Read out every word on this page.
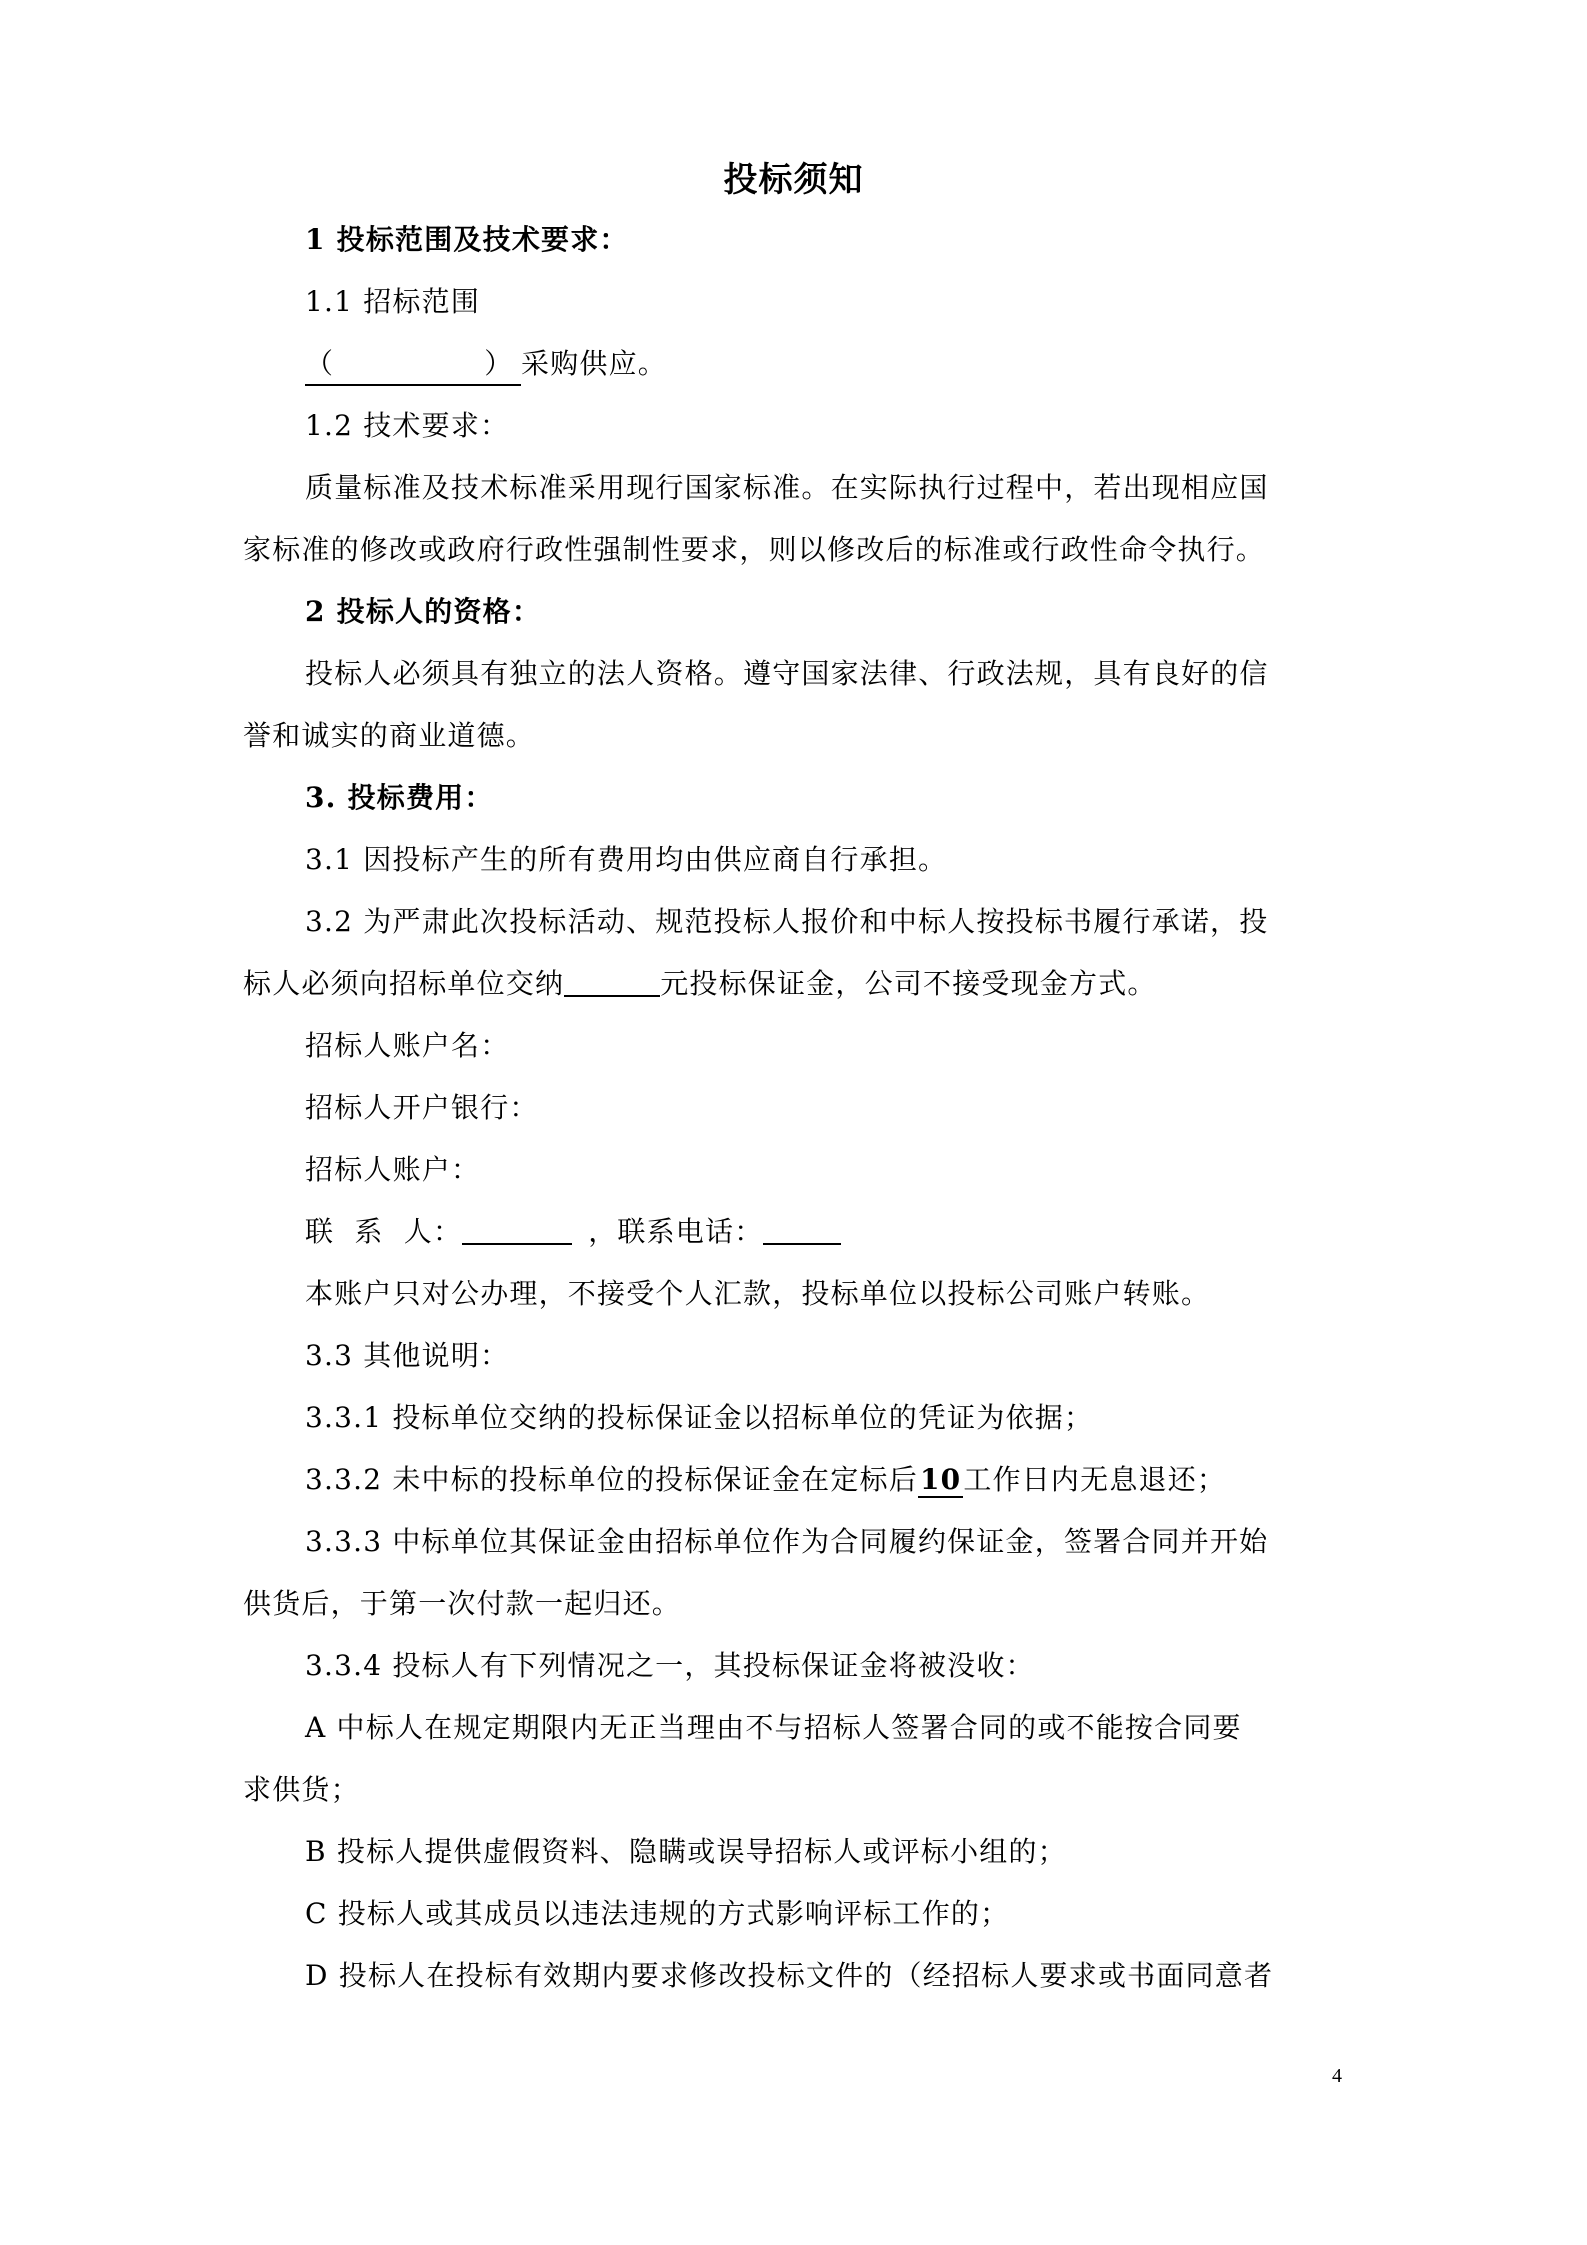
投标须知
1 投标范围及技术要求：
1.1 招标范围
（	） 采购供应。
1.2 技术要求：
质量标准及技术标准采用现行国家标准。在实际执行过程中，若出现相应国
家标准的修改或政府行政性强制性要求，则以修改后的标准或行政性命令执行。
2 投标人的资格：
投标人必须具有独立的法人资格。遵守国家法律、行政法规，具有良好的信
誉和诚实的商业道德。
3. 投标费用：
3.1 因投标产生的所有费用均由供应商自行承担。
3.2 为严肃此次投标活动、规范投标人报价和中标人按投标书履行承诺，投
标人必须向招标单位交纳	元投标保证金，公司不接受现金方式。
招标人账户名：
招标人开户银行：
招标人账户：
联  系  人：	，联系电话：
本账户只对公办理，不接受个人汇款，投标单位以投标公司账户转账。
3.3 其他说明：
3.3.1 投标单位交纳的投标保证金以招标单位的凭证为依据；
3.3.2 未中标的投标单位的投标保证金在定标后10工作日内无息退还；
3.3.3 中标单位其保证金由招标单位作为合同履约保证金，签署合同并开始
供货后，于第一次付款一起归还。
3.3.4 投标人有下列情况之一，其投标保证金将被没收：
A 中标人在规定期限内无正当理由不与招标人签署合同的或不能按合同要
求供货；
B 投标人提供虚假资料、隐瞒或误导招标人或评标小组的；
C 投标人或其成员以违法违规的方式影响评标工作的；
D 投标人在投标有效期内要求修改投标文件的（经招标人要求或书面同意者
4
